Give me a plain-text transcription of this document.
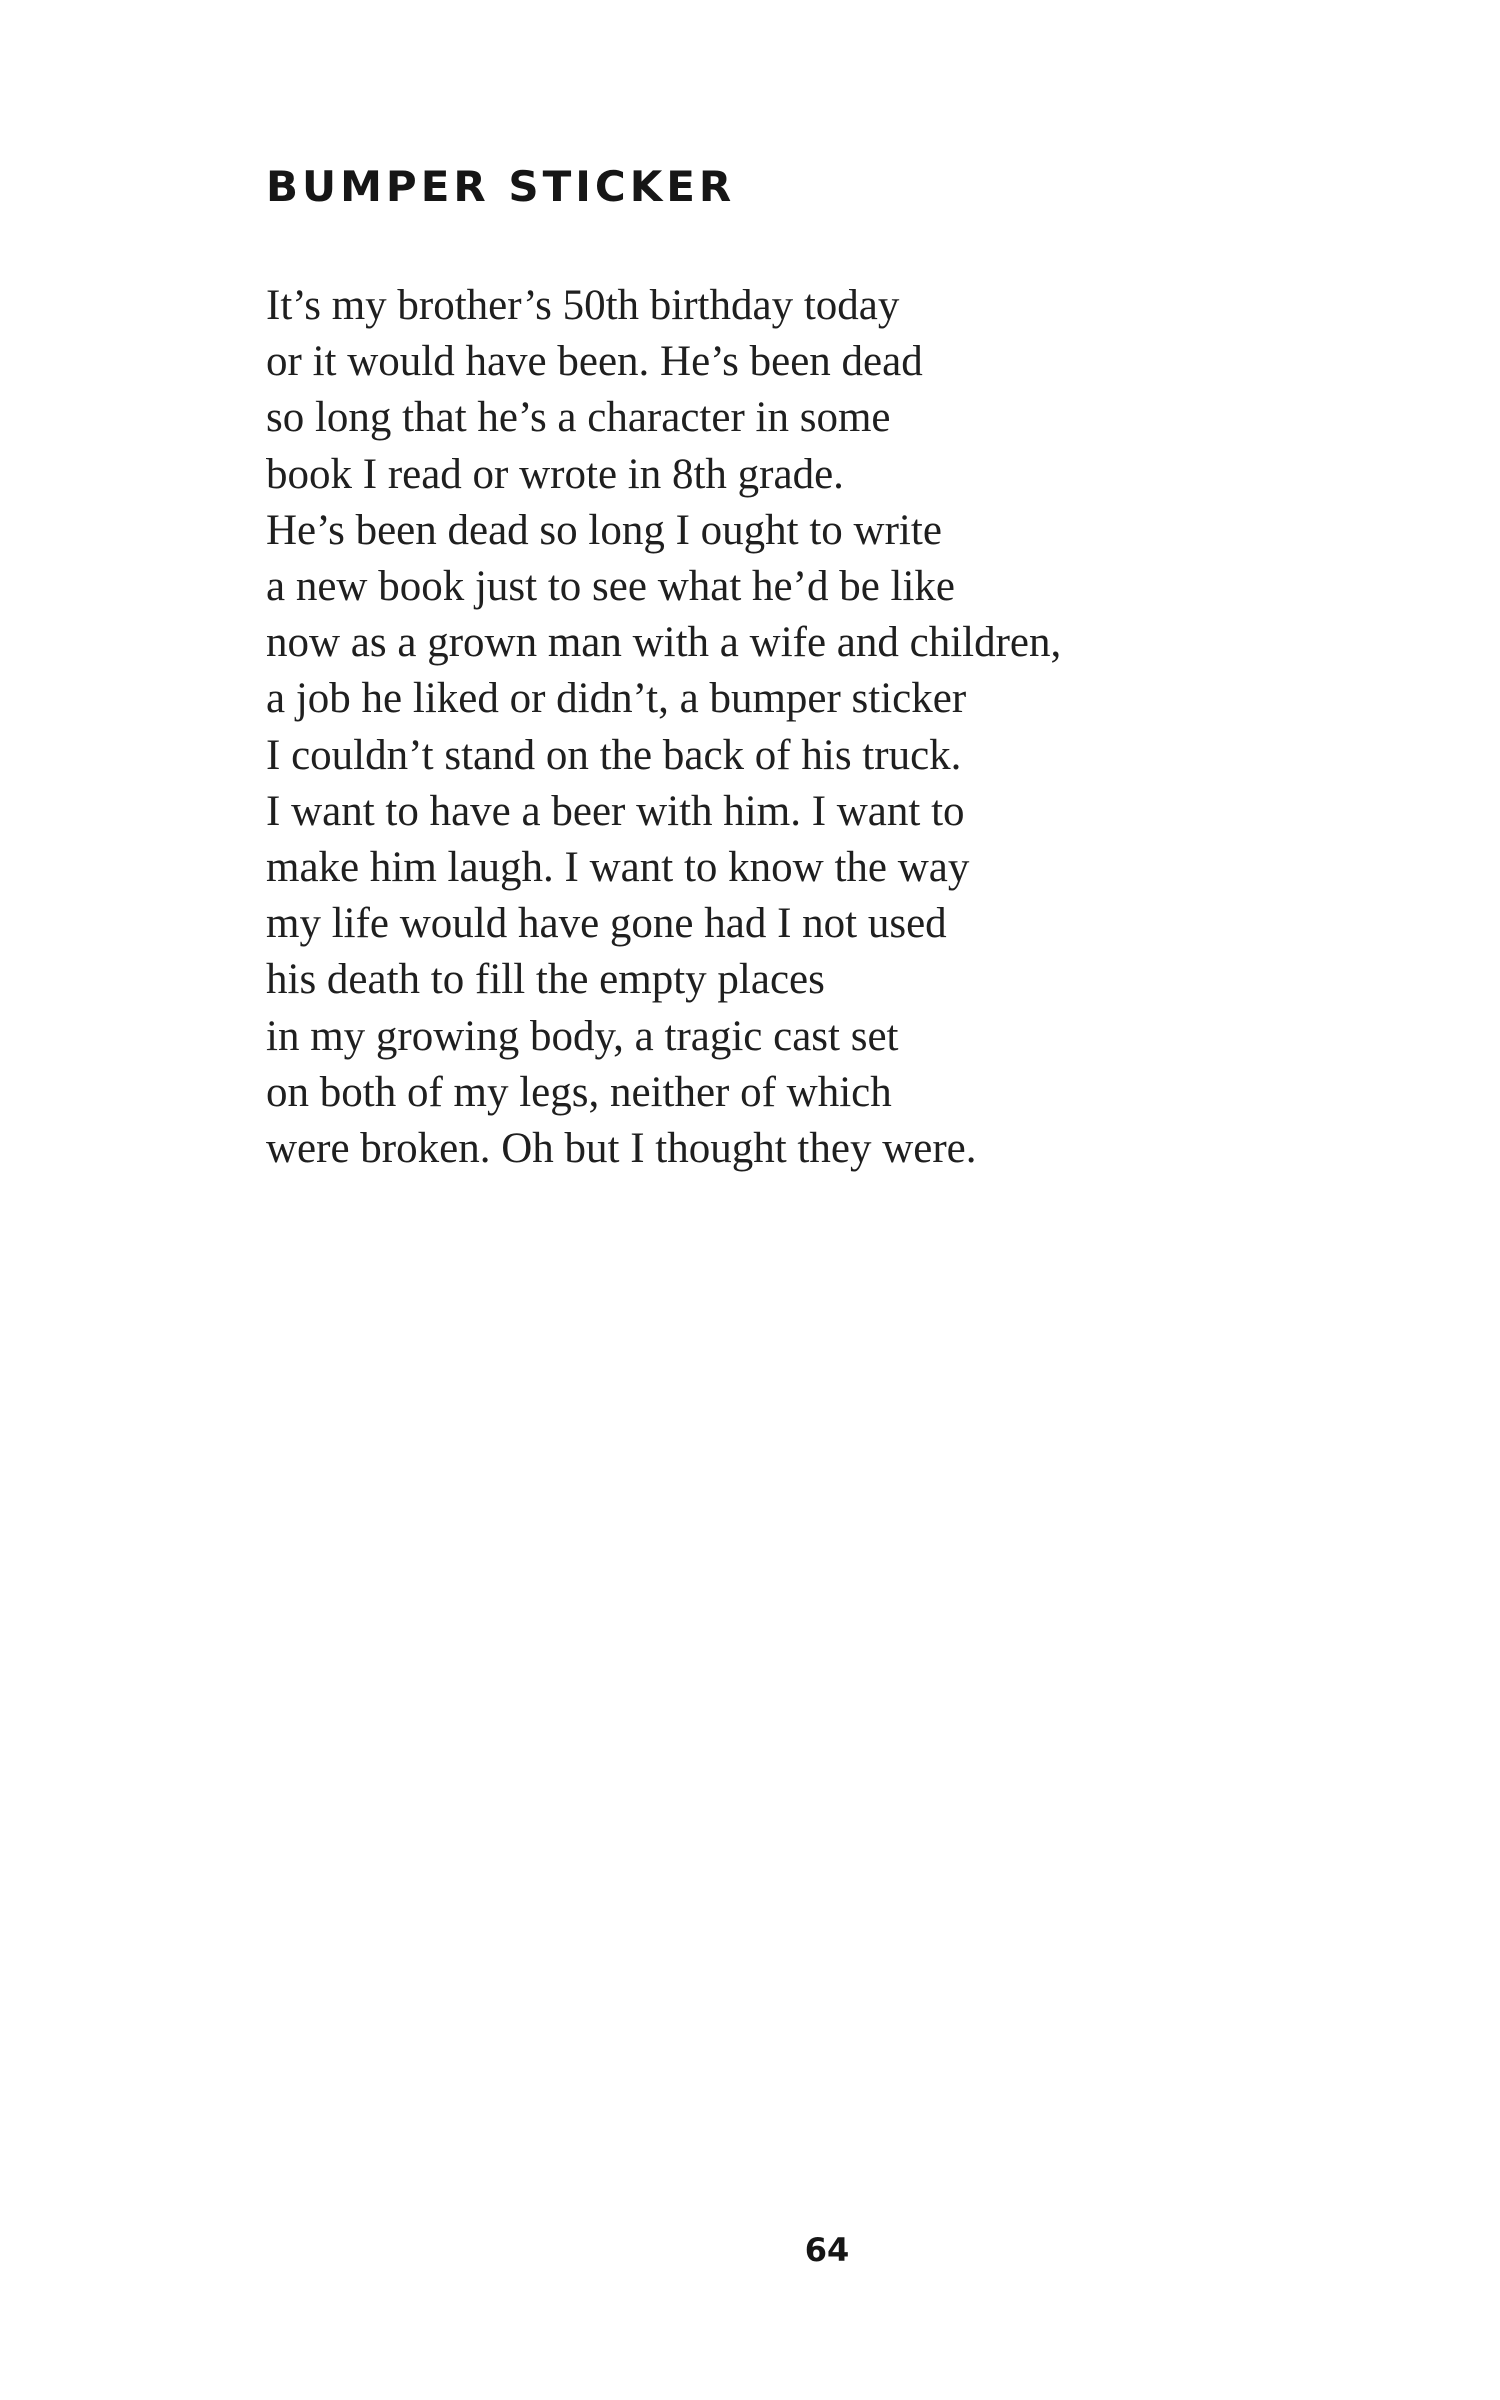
BUMPER STICKER
It’s my brother’s 50th birthday today
or it would have been. He’s been dead
so long that he’s a character in some
book I read or wrote in 8th grade.
He’s been dead so long I ought to write
a new book just to see what he’d be like
now as a grown man with a wife and children,
a job he liked or didn’t, a bumper sticker
I couldn’t stand on the back of his truck.
I want to have a beer with him. I want to
make him laugh. I want to know the way
my life would have gone had I not used
his death to fill the empty places
in my growing body, a tragic cast set
on both of my legs, neither of which
were broken. Oh but I thought they were.
64
